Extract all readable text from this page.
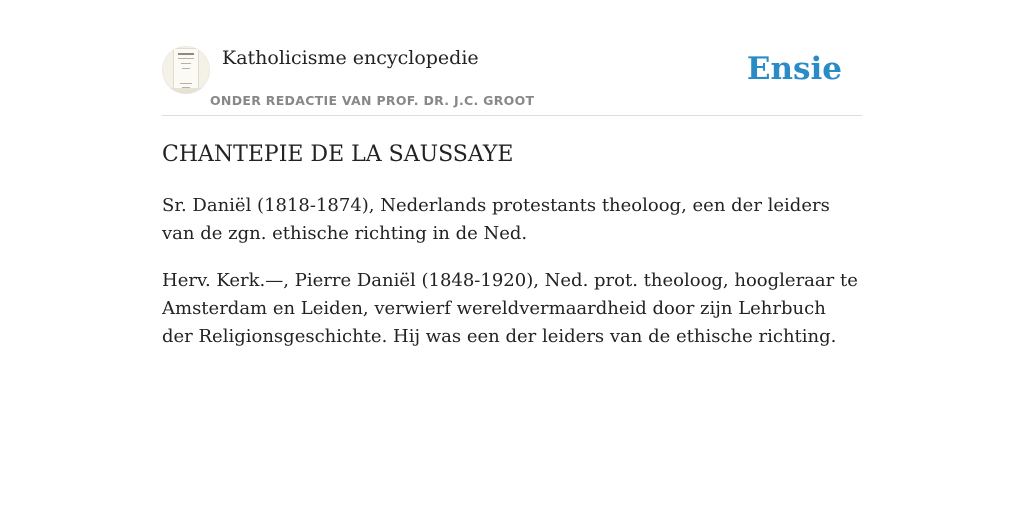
Katholicisme encyclopedie
ONDER REDACTIE VAN PROF. DR. J.C. GROOT
Ensie
CHANTEPIE DE LA SAUSSAYE

Sr. Daniël (1818-1874), Nederlands protestants theoloog, een der leiders van de zgn. ethische richting in de Ned.

Herv. Kerk.—, Pierre Daniël (1848-1920), Ned. prot. theoloog, hoogleraar te Amsterdam en Leiden, verwierf wereldvermaardheid door zijn Lehrbuch der Religionsgeschichte. Hij was een der leiders van de ethische richting.
